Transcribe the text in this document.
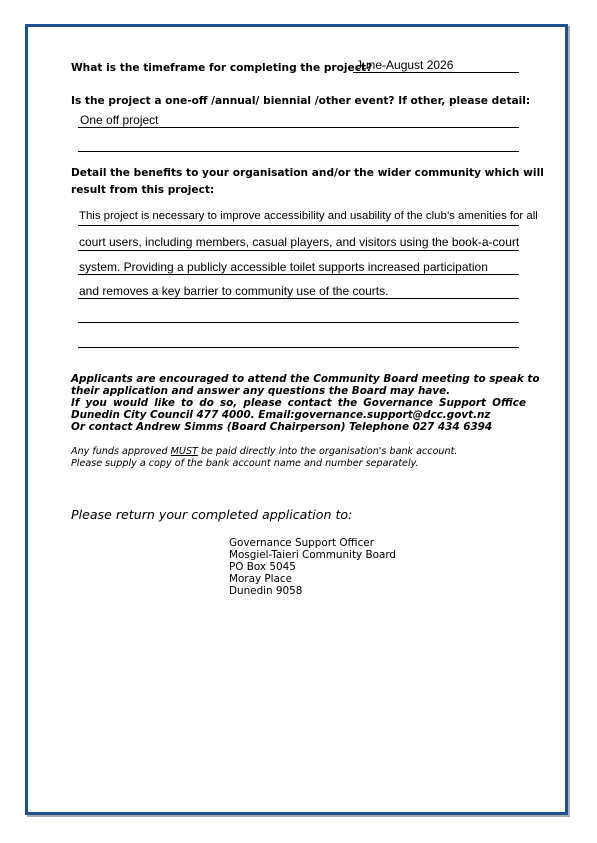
What is the timeframe for completing the project?
June-August 2026
Is the project a one-off /annual/ biennial /other event? If other, please detail:
One off project
Detail the benefits to your organisation and/or the wider community which will
result from this project:
This project is necessary to improve accessibility and usability of the club’s amenities for all
court users, including members, casual players, and visitors using the book-a-court
system. Providing a publicly accessible toilet supports increased participation
and removes a key barrier to community use of the courts.
Applicants are encouraged to attend the Community Board meeting to speak to
their application and answer any questions the Board may have.
If you would like to do so, please contact the Governance Support Office
Dunedin City Council 477 4000. Email:governance.support@dcc.govt.nz
Or contact Andrew Simms (Board Chairperson) Telephone 027 434 6394
Any funds approved MUST be paid directly into the organisation's bank account.
Please supply a copy of the bank account name and number separately.
Please return your completed application to:
Governance Support Officer
Mosgiel-Taieri Community Board
PO Box 5045
Moray Place
Dunedin 9058
